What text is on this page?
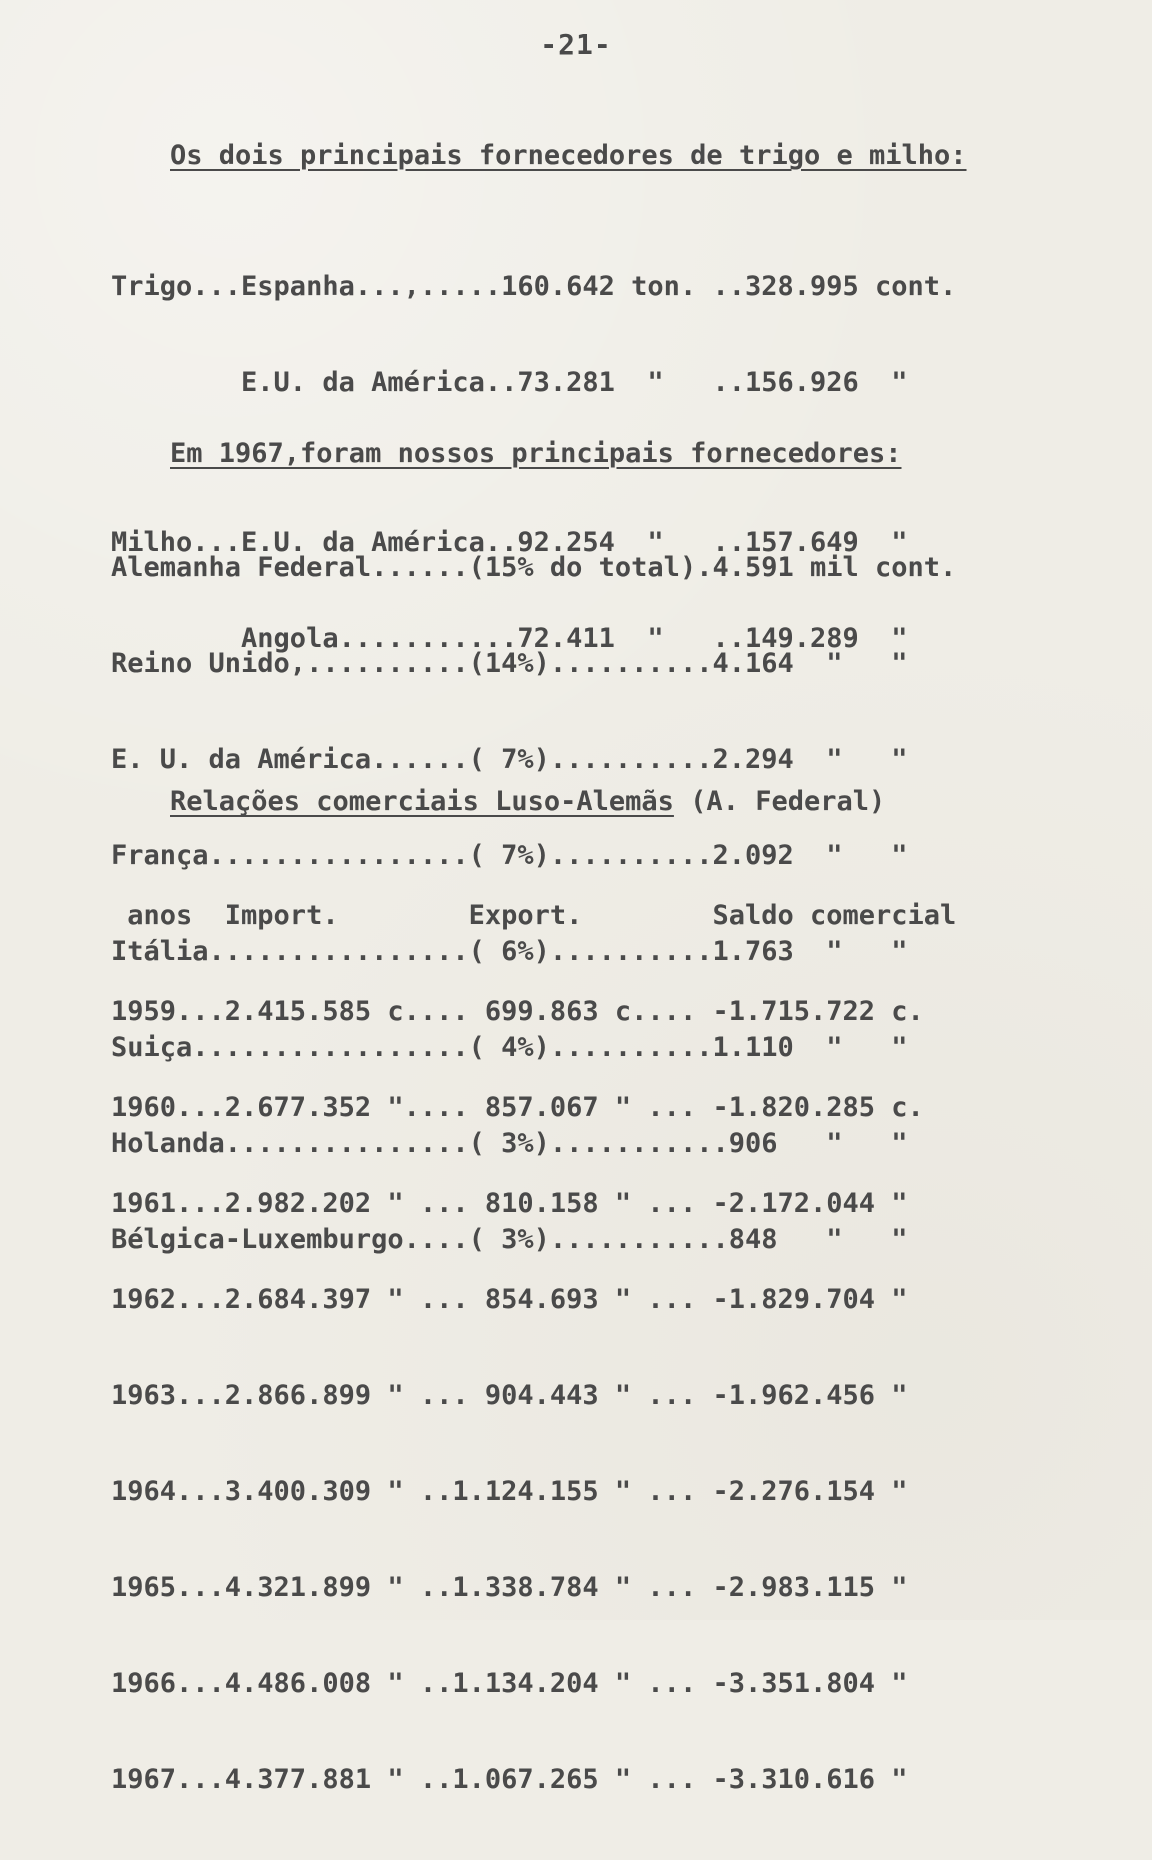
-21-
Os dois principais fornecedores de trigo e milho:

Trigo...Espanha...,.....160.642 ton. ..328.995 cont.

E.U. da América..73.281  "   ..156.926  "

Milho...E.U. da América..92.254  "   ..157.649  "

Angola...........72.411  "   ..149.289  "

Em 1967,foram nossos principais fornecedores:

Alemanha Federal......(15% do total).4.591 mil cont.

Reino Unido,..........(14%)..........4.164  "   "

E. U. da América......( 7%)..........2.294  "   "

França................( 7%)..........2.092  "   "

Itália................( 6%)..........1.763  "   "

Suiça.................( 4%)..........1.110  "   "

Holanda...............( 3%)...........906   "   "

Bélgica-Luxemburgo....( 3%)...........848   "   "

Relações comerciais Luso-Alemãs (A. Federal)

anos  Import.        Export.        Saldo comercial

1959...2.415.585 c.... 699.863 c.... -1.715.722 c.

1960...2.677.352 ".... 857.067 " ... -1.820.285 c.

1961...2.982.202 " ... 810.158 " ... -2.172.044 "

1962...2.684.397 " ... 854.693 " ... -1.829.704 "

1963...2.866.899 " ... 904.443 " ... -1.962.456 "

1964...3.400.309 " ..1.124.155 " ... -2.276.154 "

1965...4.321.899 " ..1.338.784 " ... -2.983.115 "

1966...4.486.008 " ..1.134.204 " ... -3.351.804 "

1967...4.377.881 " ..1.067.265 " ... -3.310.616 "
